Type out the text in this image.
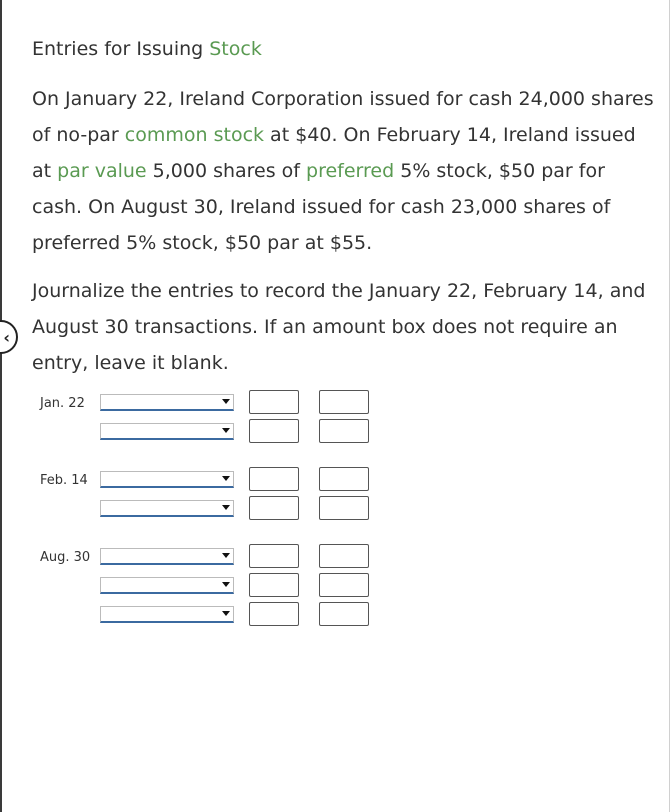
‹
Entries for Issuing Stock

On January 22, Ireland Corporation issued for cash 24,000 shares of no-par common stock at $40. On February 14, Ireland issued at par value 5,000 shares of preferred 5% stock, $50 par for cash. On August 30, Ireland issued for cash 23,000 shares of preferred 5% stock, $50 par at $55.

Journalize the entries to record the January 22, February 14, and August 30 transactions. If an amount box does not require an entry, leave it blank.

Jan. 22
Feb. 14
Aug. 30
